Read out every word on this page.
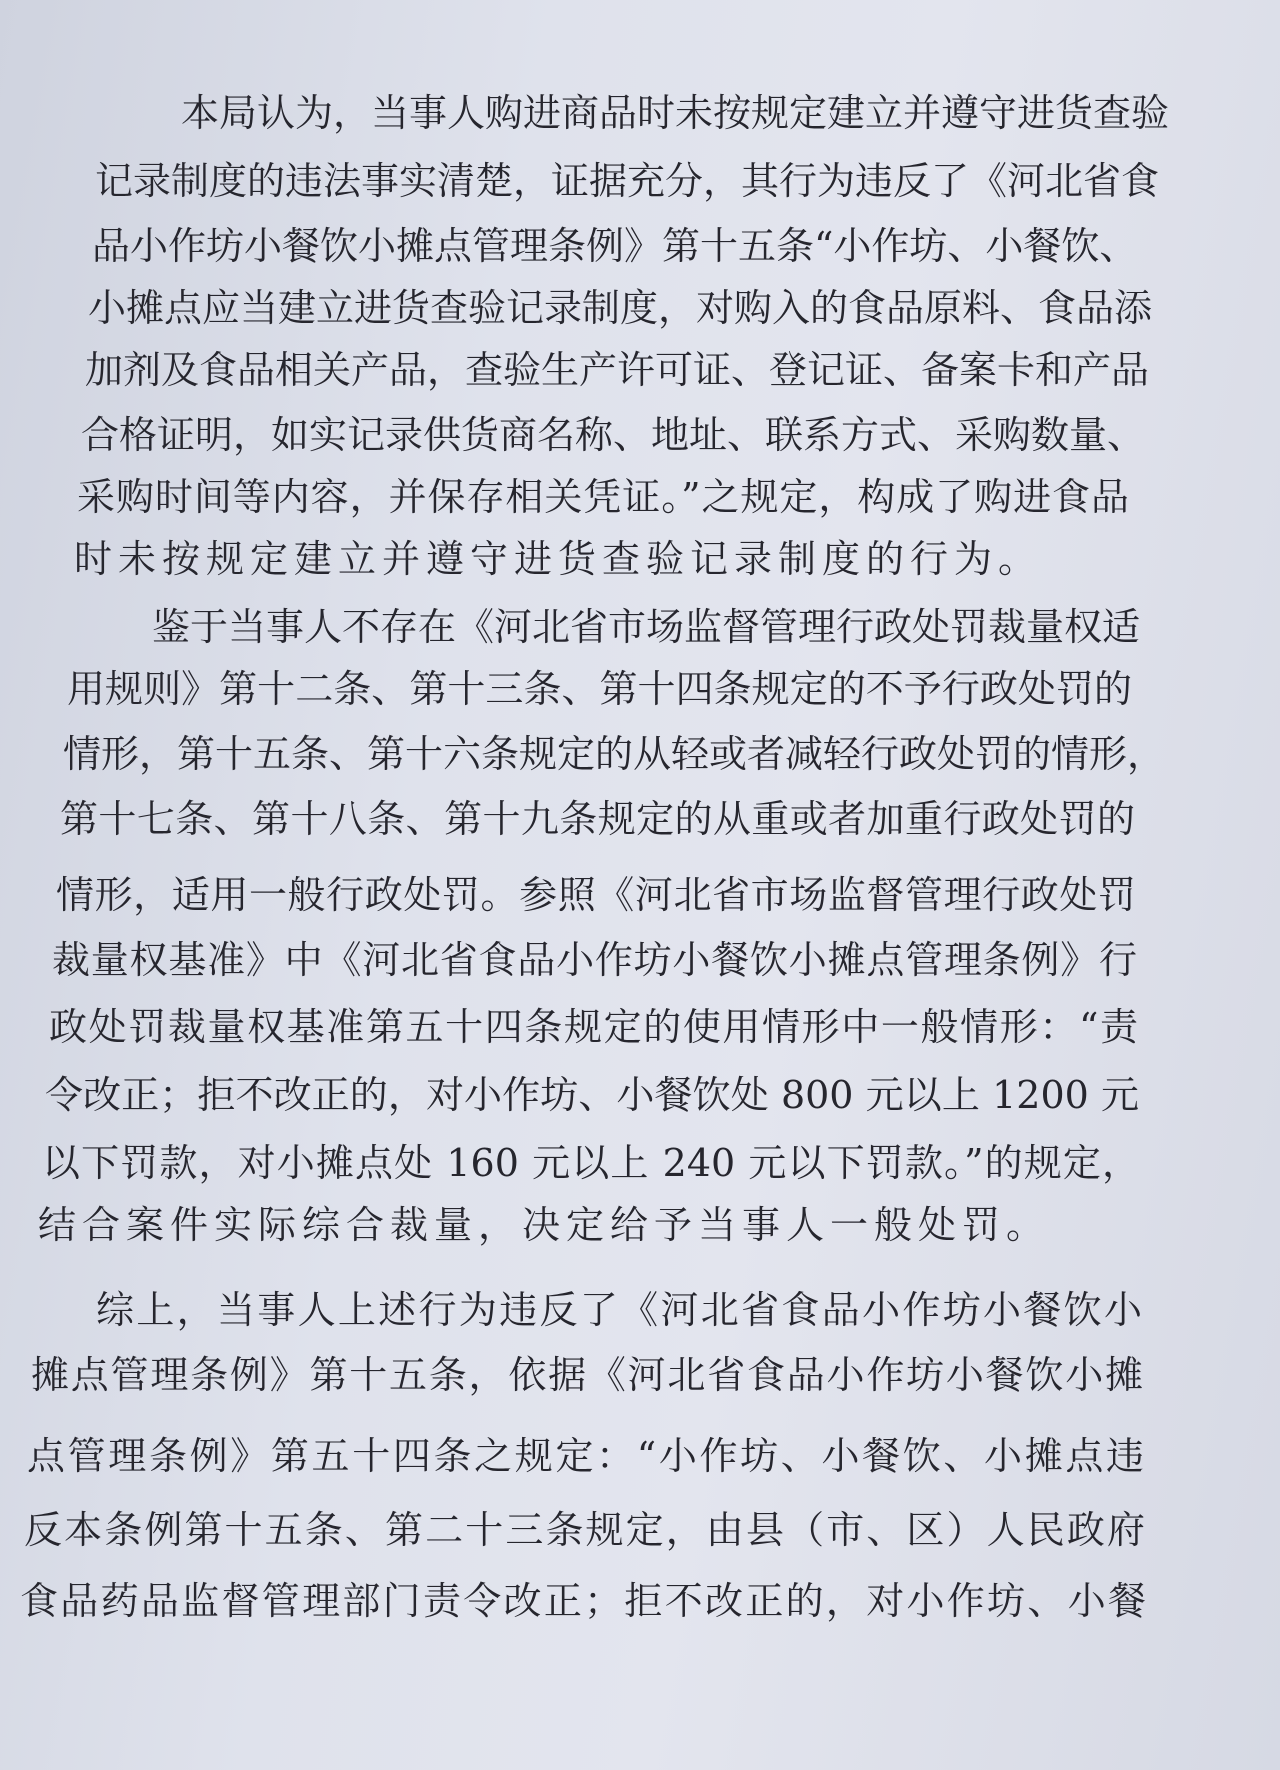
本局认为，当事人购进商品时未按规定建立并遵守进货查验
记录制度的违法事实清楚，证据充分，其行为违反了《河北省食
品小作坊小餐饮小摊点管理条例》第十五条“小作坊、小餐饮、
小摊点应当建立进货查验记录制度，对购入的食品原料、食品添
加剂及食品相关产品，查验生产许可证、登记证、备案卡和产品
合格证明，如实记录供货商名称、地址、联系方式、采购数量、
采购时间等内容，并保存相关凭证。”之规定，构成了购进食品
时未按规定建立并遵守进货查验记录制度的行为。
鉴于当事人不存在《河北省市场监督管理行政处罚裁量权适
用规则》第十二条、第十三条、第十四条规定的不予行政处罚的
情形，第十五条、第十六条规定的从轻或者减轻行政处罚的情形，
第十七条、第十八条、第十九条规定的从重或者加重行政处罚的
情形，适用一般行政处罚。参照《河北省市场监督管理行政处罚
裁量权基准》中《河北省食品小作坊小餐饮小摊点管理条例》行
政处罚裁量权基准第五十四条规定的使用情形中一般情形：“责
令改正；拒不改正的，对小作坊、小餐饮处 800 元以上 1200 元
以下罚款，对小摊点处 160 元以上 240 元以下罚款。”的规定，
结合案件实际综合裁量，决定给予当事人一般处罚。
综上，当事人上述行为违反了《河北省食品小作坊小餐饮小
摊点管理条例》第十五条，依据《河北省食品小作坊小餐饮小摊
点管理条例》第五十四条之规定：“小作坊、小餐饮、小摊点违
反本条例第十五条、第二十三条规定，由县（市、区）人民政府
食品药品监督管理部门责令改正；拒不改正的，对小作坊、小餐
